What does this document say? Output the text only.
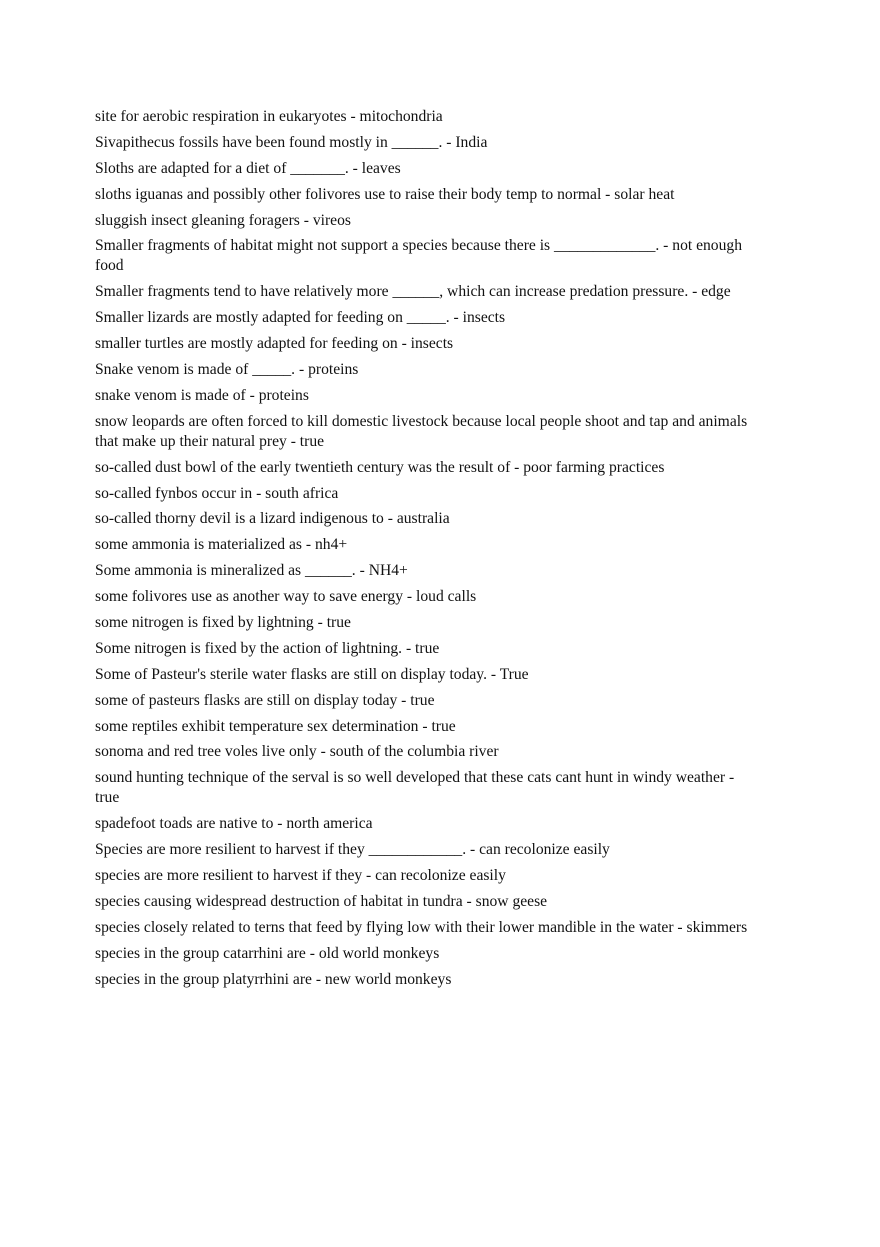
site for aerobic respiration in eukaryotes - mitochondria
Sivapithecus fossils have been found mostly in ______. - India
Sloths are adapted for a diet of _______. - leaves
sloths iguanas and possibly other folivores use to raise their body temp to normal - solar heat
sluggish insect gleaning foragers - vireos
Smaller fragments of habitat might not support a species because there is _____________. - not enough food
Smaller fragments tend to have relatively more ______, which can increase predation pressure. - edge
Smaller lizards are mostly adapted for feeding on _____. - insects
smaller turtles are mostly adapted for feeding on - insects
Snake venom is made of _____. - proteins
snake venom is made of - proteins
snow leopards are often forced to kill domestic livestock because local people shoot and tap and animals that make up their natural prey - true
so-called dust bowl of the early twentieth century was the result of - poor farming practices
so-called fynbos occur in - south africa
so-called thorny devil is a lizard indigenous to - australia
some ammonia is materialized as - nh4+
Some ammonia is mineralized as ______. - NH4+
some folivores use as another way to save energy - loud calls
some nitrogen is fixed by lightning - true
Some nitrogen is fixed by the action of lightning. - true
Some of Pasteur's sterile water flasks are still on display today. - True
some of pasteurs flasks are still on display today - true
some reptiles exhibit temperature sex determination - true
sonoma and red tree voles live only - south of the columbia river
sound hunting technique of the serval is so well developed that these cats cant hunt in windy weather - true
spadefoot toads are native to - north america
Species are more resilient to harvest if they ____________. - can recolonize easily
species are more resilient to harvest if they - can recolonize easily
species causing widespread destruction of habitat in tundra - snow geese
species closely related to terns that feed by flying low with their lower mandible in the water - skimmers
species in the group catarrhini are - old world monkeys
species in the group platyrrhini are - new world monkeys
